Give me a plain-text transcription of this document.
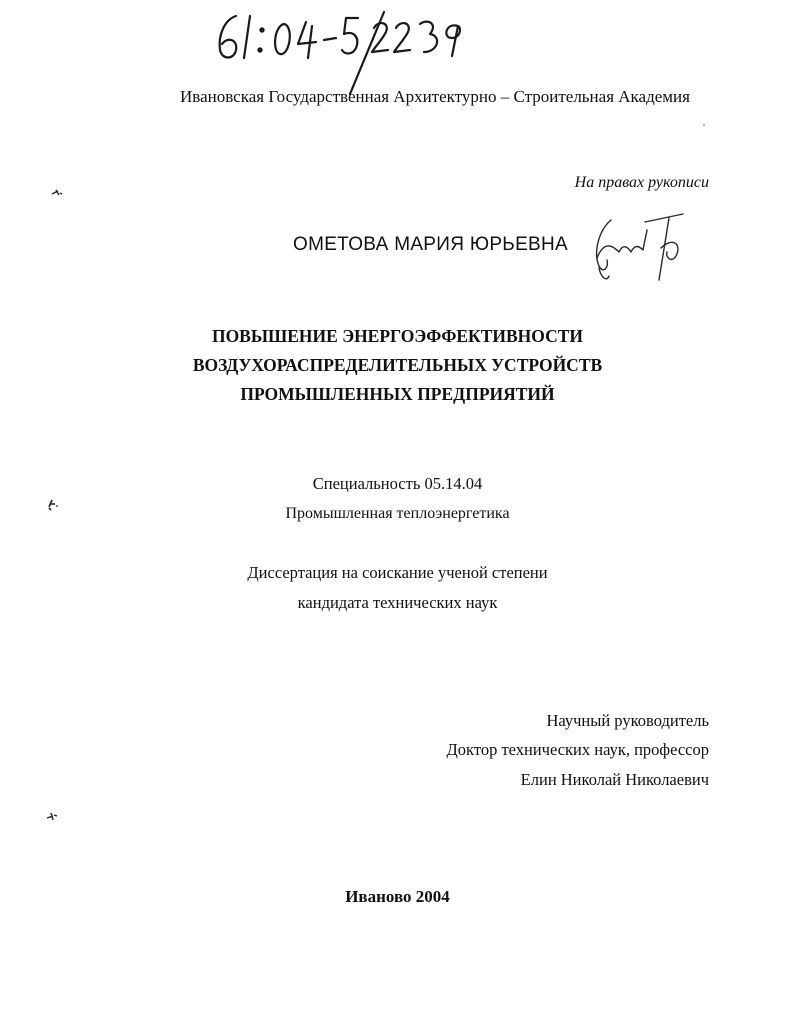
Ивановская Государственная Архитектурно – Строительная Академия
На правах рукописи
ОМЕТОВА МАРИЯ ЮРЬЕВНА
ПОВЫШЕНИЕ ЭНЕРГОЭФФЕКТИВНОСТИ
ВОЗДУХОРАСПРЕДЕЛИТЕЛЬНЫХ УСТРОЙСТВ
ПРОМЫШЛЕННЫХ ПРЕДПРИЯТИЙ
Специальность 05.14.04
Промышленная теплоэнергетика
Диссертация на соискание ученой степени
кандидата технических наук
Научный руководитель
Доктор технических наук, профессор
Елин Николай Николаевич
Иваново 2004
